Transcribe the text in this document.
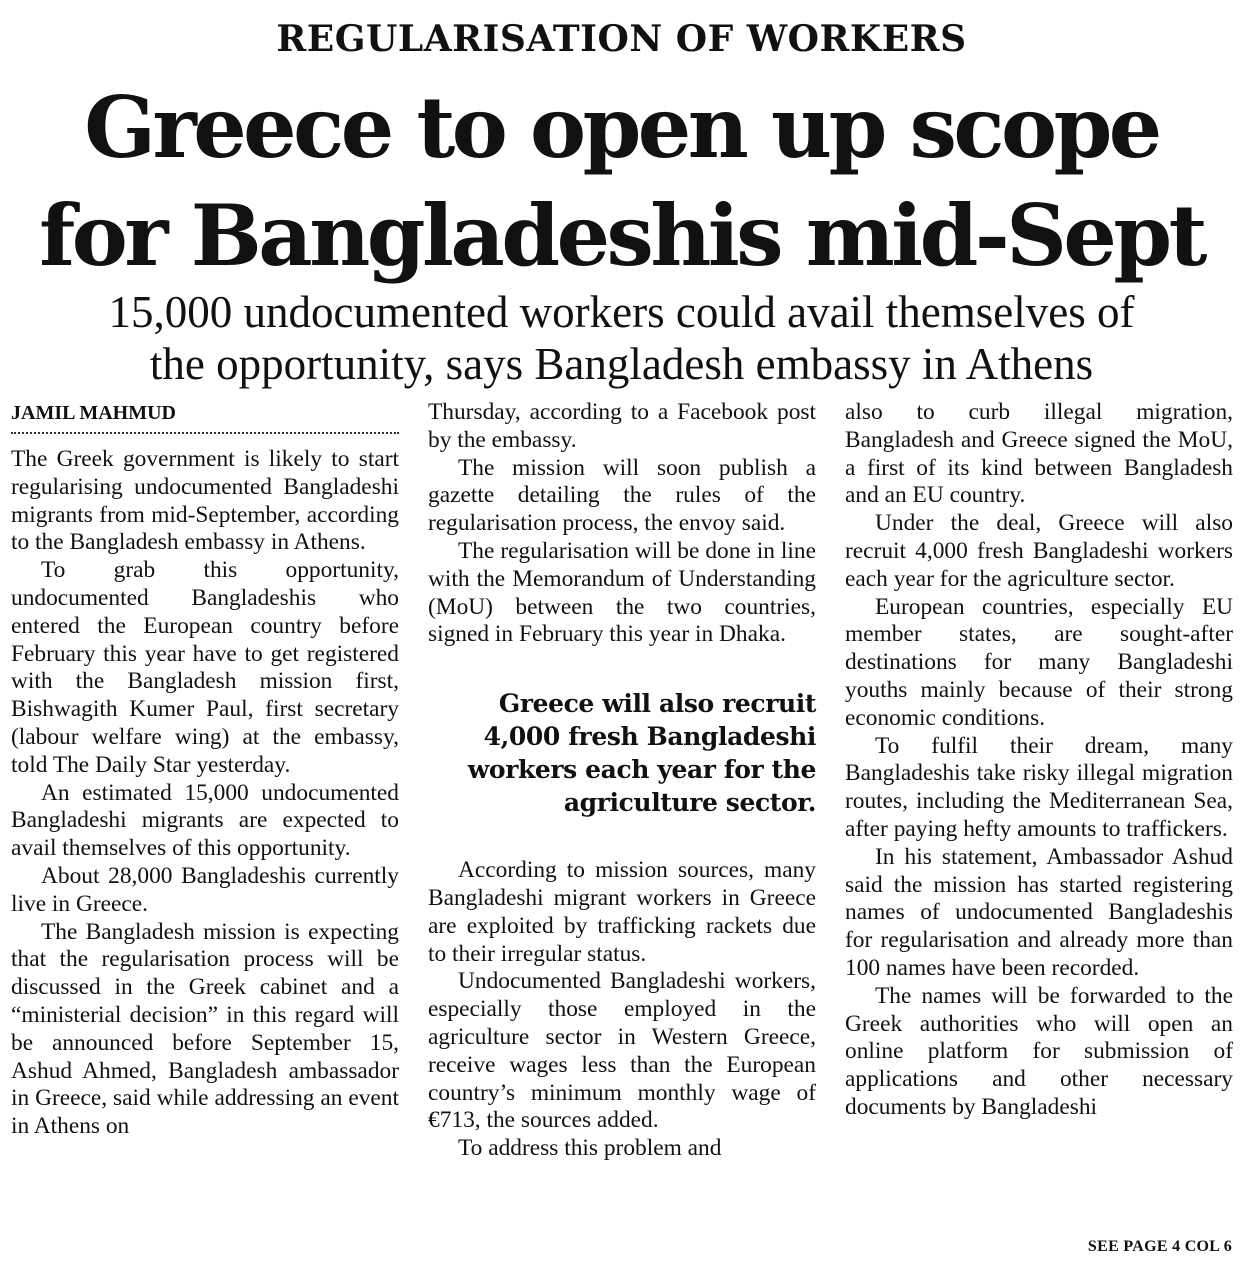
REGULARISATION OF WORKERS
Greece to open up scope
for Bangladeshis mid-Sept
15,000 undocumented workers could avail themselves of
the opportunity, says Bangladesh embassy in Athens
JAMIL MAHMUD

The Greek government is likely to start regularising undocumented Bangladeshi migrants from mid-September, according to the Bangladesh embassy in Athens.

To grab this opportunity, undocumented Bangladeshis who entered the European country before February this year have to get registered with the Bangladesh mission first, Bishwagith Kumer Paul, first secretary (labour welfare wing) at the embassy, told The Daily Star yesterday.

An estimated 15,000 undocumented Bangladeshi migrants are expected to avail themselves of this opportunity.

About 28,000 Bangladeshis currently live in Greece.

The Bangladesh mission is expecting that the regularisation process will be discussed in the Greek cabinet and a “ministerial decision” in this regard will be announced before September 15, Ashud Ahmed, Bangladesh ambassador in Greece, said while addressing an event in Athens on

Thursday, according to a Facebook post by the embassy.

The mission will soon publish a gazette detailing the rules of the regularisation process, the envoy said.

The regularisation will be done in line with the Memorandum of Understanding (MoU) between the two countries, signed in February this year in Dhaka.

Greece will also recruit 4,000 fresh Bangladeshi workers each year for the agriculture sector.

According to mission sources, many Bangladeshi migrant workers in Greece are exploited by trafficking rackets due to their irregular status.

Undocumented Bangladeshi workers, especially those employed in the agriculture sector in Western Greece, receive wages less than the European country’s minimum monthly wage of €713, the sources added.

To address this problem and

also to curb illegal migration, Bangladesh and Greece signed the MoU, a first of its kind between Bangladesh and an EU country.

Under the deal, Greece will also recruit 4,000 fresh Bangladeshi workers each year for the agriculture sector.

European countries, especially EU member states, are sought-after destinations for many Bangladeshi youths mainly because of their strong economic conditions.

To fulfil their dream, many Bangladeshis take risky illegal migration routes, including the Mediterranean Sea, after paying hefty amounts to traffickers.

In his statement, Ambassador Ashud said the mission has started registering names of undocumented Bangladeshis for regularisation and already more than 100 names have been recorded.

The names will be forwarded to the Greek authorities who will open an online platform for submission of applications and other necessary documents by Bangladeshi

SEE PAGE 4 COL 6
